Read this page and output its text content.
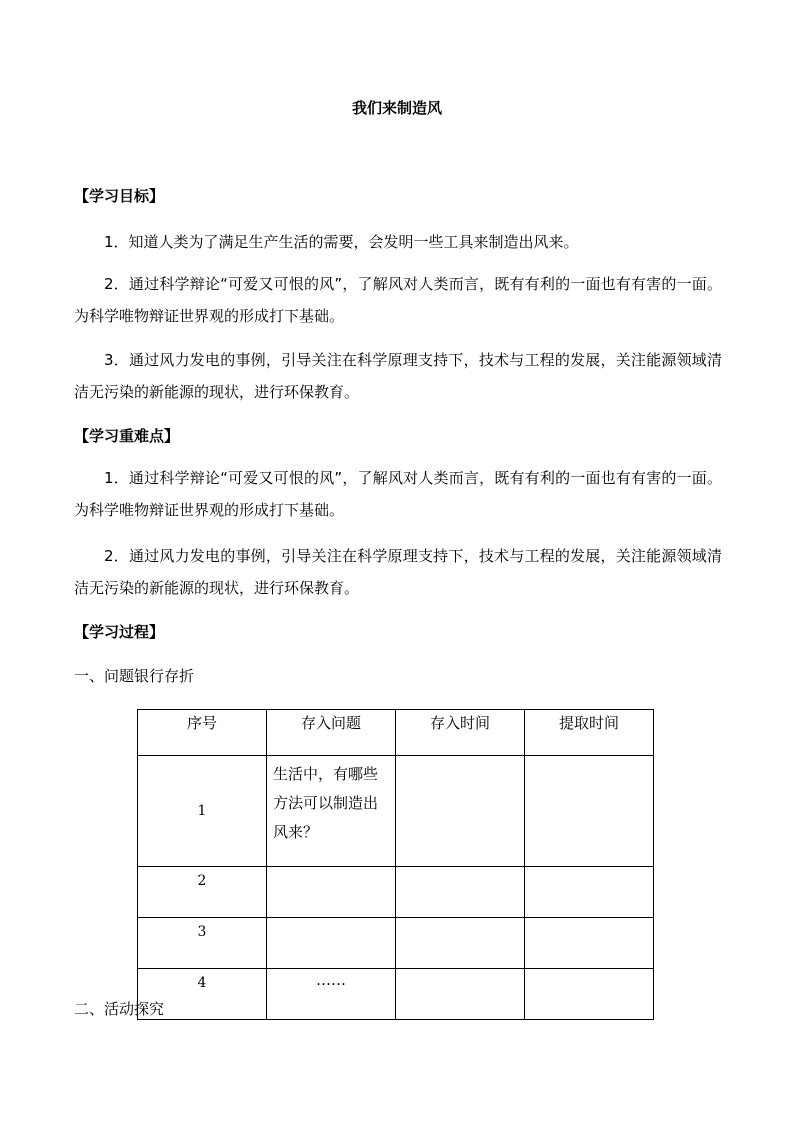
我们来制造风
【学习目标】
1．知道人类为了满足生产生活的需要，会发明一些工具来制造出风来。
2．通过科学辩论“可爱又可恨的风”，了解风对人类而言，既有有利的一面也有有害的一面。为科学唯物辩证世界观的形成打下基础。
3．通过风力发电的事例，引导关注在科学原理支持下，技术与工程的发展，关注能源领域清洁无污染的新能源的现状，进行环保教育。
【学习重难点】
1．通过科学辩论“可爱又可恨的风”，了解风对人类而言，既有有利的一面也有有害的一面。为科学唯物辩证世界观的形成打下基础。
2．通过风力发电的事例，引导关注在科学原理支持下，技术与工程的发展，关注能源领域清洁无污染的新能源的现状，进行环保教育。
【学习过程】
一、问题银行存折
序号	存入问题	存入时间	提取时间
1	生活中，有哪些方法可以制造出风来？		
2			
3			
4	……		
二、活动探究
